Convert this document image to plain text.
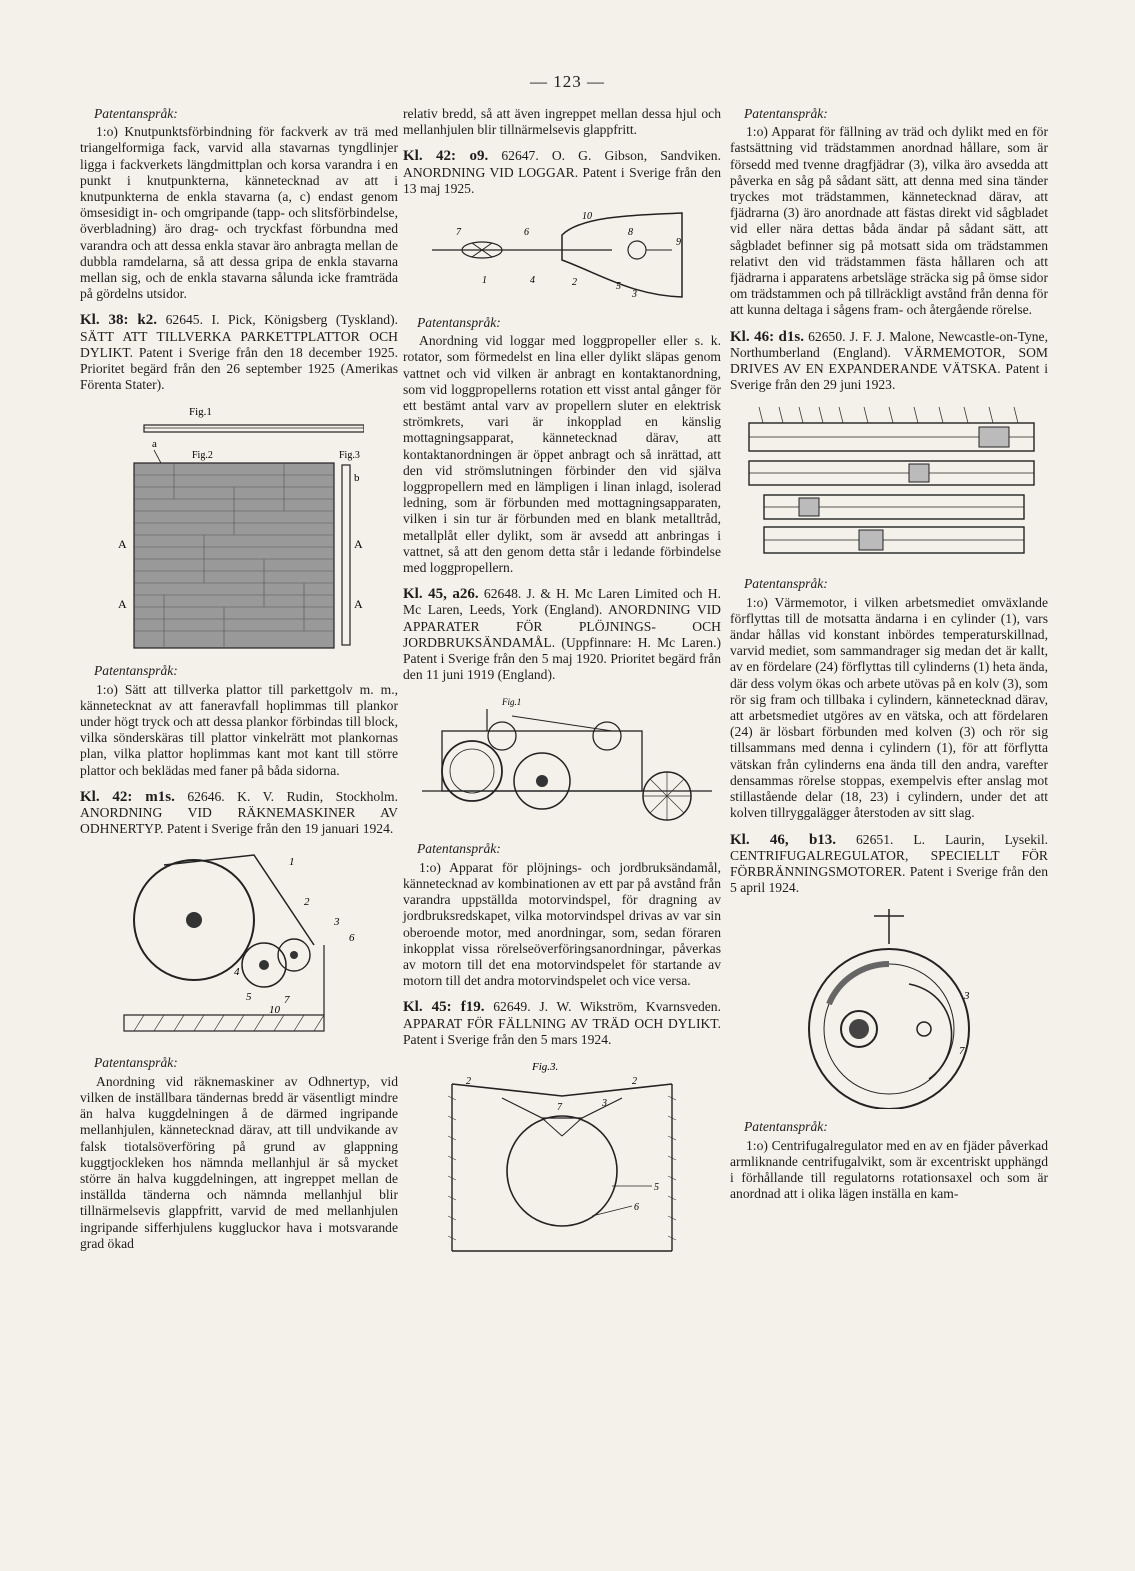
— 123 —
Patentanspråk:

1:o) Knutpunktsförbindning för fackverk av trä med triangelformiga fack, varvid alla stavarnas tyngdlinjer ligga i fackverkets längdmittplan och korsa varandra i en punkt i knutpunkterna, kännetecknad av att i knutpunkterna de enkla stavarna (a, c) endast genom ömsesidigt in- och omgripande (tapp- och slitsförbindelse, överbladning) äro drag- och tryckfast förbundna med varandra och att dessa enkla stavar äro anbragta mellan de dubbla ramdelarna, så att dessa gripa de enkla stavarna mellan sig, och de enkla stavarna sålunda icke framträda på gördelns utsidor.

Kl. 38: k2. 62645. I. Pick, Königsberg (Tyskland). SÄTT ATT TILLVERKA PARKETTPLATTOR OCH DYLIKT. Patent i Sverige från den 18 december 1925. Prioritet begärd från den 26 september 1925 (Amerikas Förenta Stater).

Fig.1
a
Fig.2	Fig.3
b
A
A
A
A
Patentanspråk:

1:o) Sätt att tillverka plattor till parkettgolv m. m., kännetecknat av att faneravfall hoplimmas till plankor under högt tryck och att dessa plankor förbindas till block, vilka sönderskäras till plattor vinkelrätt mot plankornas plan, vilka plattor hoplimmas kant mot kant till större plattor och beklädas med faner på båda sidorna.

Kl. 42: m1s. 62646. K. V. Rudin, Stockholm. ANORDNING VID RÄKNEMASKINER AV ODHNERTYP. Patent i Sverige från den 19 januari 1924.

1
2
3
4
5
6
7
10
Patentanspråk:

Anordning vid räknemaskiner av Odhnertyp, vid vilken de inställbara tändernas bredd är väsentligt mindre än halva kuggdelningen å de därmed ingripande mellanhjulen, kännetecknad därav, att till undvikande av falsk tiotalsöverföring på grund av glappning kuggtjockleken hos nämnda mellanhjul är så mycket större än halva kuggdelningen, att ingreppet mellan de inställda tänderna och nämnda mellanhjul blir tillnärmelsevis glappfritt, varvid de med mellanhjulen ingripande sifferhjulens kuggluckor hava i motsvarande grad ökad

relativ bredd, så att även ingreppet mellan dessa hjul och mellanhjulen blir tillnärmelsevis glappfritt.

Kl. 42: o9. 62647. O. G. Gibson, Sandviken. ANORDNING VID LOGGAR. Patent i Sverige från den 13 maj 1925.

10
1	2
3
4
5
6
7	8
9
Patentanspråk:

Anordning vid loggar med loggpropeller eller s. k. rotator, som förmedelst en lina eller dylikt släpas genom vattnet och vid vilken är anbragt en kontaktanordning, som vid loggpropellerns rotation ett visst antal gånger för ett bestämt antal varv av propellern sluter en elektrisk strömkrets, vari är inkopplad en känslig mottagningsapparat, kännetecknad därav, att kontaktanordningen är öppet anbragt och så inrättad, att den vid strömslutningen förbinder den vid själva loggpropellern med en lämpligen i linan inlagd, isolerad ledning, som är förbunden med mottagningsapparaten, vilken i sin tur är förbunden med en blank metalltråd, metallplåt eller dylikt, som är avsedd att anbringas i vattnet, så att den genom detta står i ledande förbindelse med loggpropellern.

Kl. 45, a26. 62648. J. & H. Mc Laren Limited och H. Mc Laren, Leeds, York (England). ANORDNING VID APPARATER FÖR PLÖJNINGS- OCH JORDBRUKSÄNDAMÅL. (Uppfinnare: H. Mc Laren.) Patent i Sverige från den 5 maj 1920. Prioritet begärd från den 11 juni 1919 (England).

Fig.1
Patentanspråk:

1:o) Apparat för plöjnings- och jordbruksändamål, kännetecknad av kombinationen av ett par på avstånd från varandra uppställda motorvindspel, för dragning av jordbruksredskapet, vilka motorvindspel drivas av var sin oberoende motor, med anordningar, som, sedan föraren inkopplat vissa rörelseöverföringsanordningar, påverkas av motorn till det ena motorvindspelet för startande av motorn till det andra motorvindspelet och vice versa.

Kl. 45: f19. 62649. J. W. Wikström, Kvarnsveden. APPARAT FÖR FÄLLNING AV TRÄD OCH DYLIKT. Patent i Sverige från den 5 mars 1924.

Fig.3.
2	2
3
5
6
7
Patentanspråk:

1:o) Apparat för fällning av träd och dylikt med en för fastsättning vid trädstammen anordnad hållare, som är försedd med tvenne dragfjädrar (3), vilka äro avsedda att påverka en såg på sådant sätt, att denna med sina tänder tryckes mot trädstammen, kännetecknad därav, att fjädrarna (3) äro anordnade att fästas direkt vid sågbladet vid eller nära dettas båda ändar på sådant sätt, att sågbladet befinner sig på motsatt sida om trädstammen relativt den vid trädstammen fästa hållaren och att fjädrarna i apparatens arbetsläge sträcka sig på ömse sidor om trädstammen och på tillräckligt avstånd från denna för att kunna deltaga i sågens fram- och återgående rörelse.

Kl. 46: d1s. 62650. J. F. J. Malone, Newcastle-on-Tyne, Northumberland (England). VÄRMEMOTOR, SOM DRIVES AV EN EXPANDERANDE VÄTSKA. Patent i Sverige från den 29 juni 1923.

Patentanspråk:

1:o) Värmemotor, i vilken arbetsmediet omväxlande förflyttas till de motsatta ändarna i en cylinder (1), vars ändar hållas vid konstant inbördes temperaturskillnad, varvid mediet, som sammandrager sig medan det är kallt, av en fördelare (24) förflyttas till cylinderns (1) heta ända, där dess volym ökas och arbete utövas på en kolv (3), som rör sig fram och tillbaka i cylindern, kännetecknad därav, att arbetsmediet utgöres av en vätska, och att fördelaren (24) är lösbart förbunden med kolven (3) och rör sig tillsammans med denna i cylindern (1), för att förflytta vätskan från cylinderns ena ända till den andra, varefter densammas rörelse stoppas, exempelvis efter anslag mot stillastående delar (18, 23) i cylindern, under det att kolven tillryggalägger återstoden av sitt slag.

Kl. 46, b13. 62651. L. Laurin, Lysekil. CENTRIFUGALREGULATOR, SPECIELLT FÖR FÖRBRÄNNINGSMOTORER. Patent i Sverige från den 5 april 1924.

7
3
Patentanspråk:

1:o) Centrifugalregulator med en av en fjäder påverkad armliknande centrifugalvikt, som är excentriskt upphängd i förhållande till regulatorns rotationsaxel och som är anordnad att i olika lägen inställa en kam-
